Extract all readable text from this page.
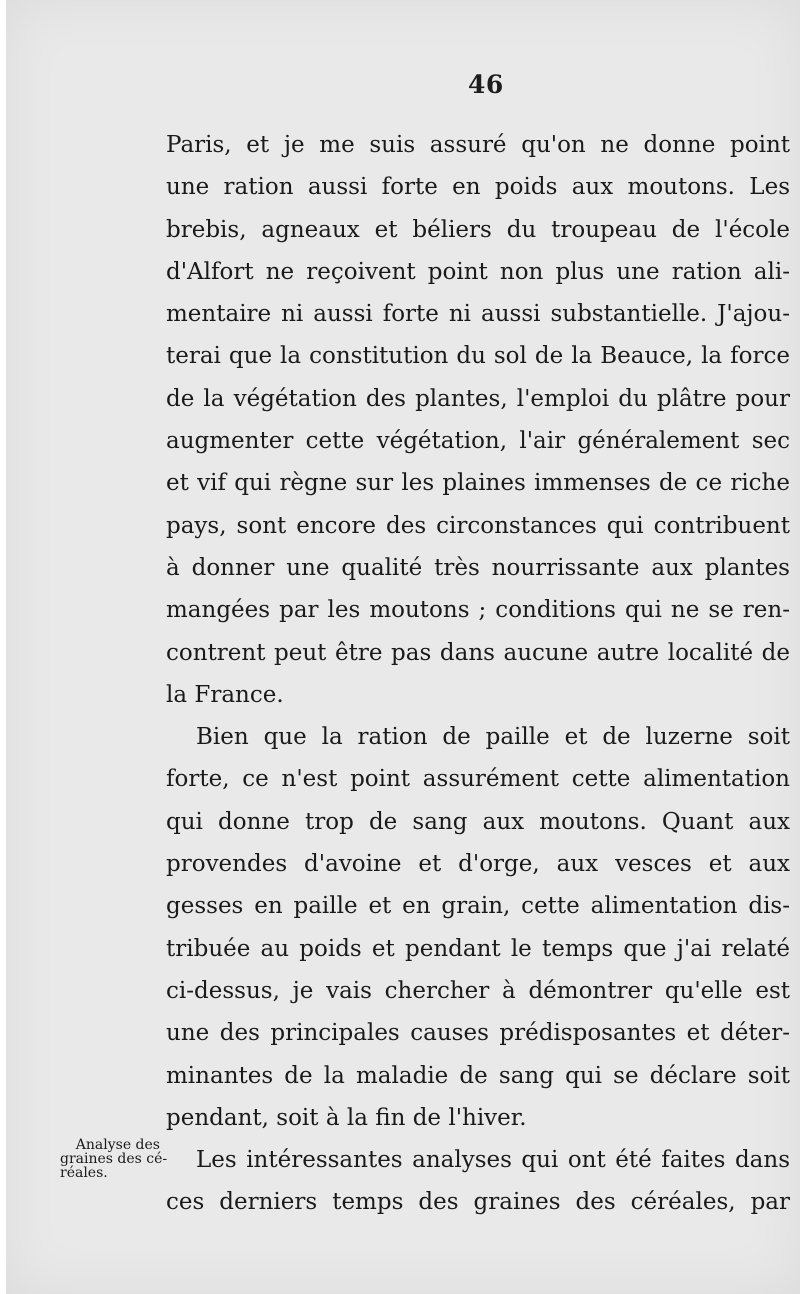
46
Paris, et je me suis assuré qu'on ne donne point
une ration aussi forte en poids aux moutons. Les
brebis, agneaux et béliers du troupeau de l'école
d'Alfort ne reçoivent point non plus une ration ali-
mentaire ni aussi forte ni aussi substantielle. J'ajou-
terai que la constitution du sol de la Beauce, la force
de la végétation des plantes, l'emploi du plâtre pour
augmenter cette végétation, l'air généralement sec
et vif qui règne sur les plaines immenses de ce riche
pays, sont encore des circonstances qui contribuent
à donner une qualité très nourrissante aux plantes
mangées par les moutons ; conditions qui ne se ren-
contrent peut être pas dans aucune autre localité de
la France.
Bien que la ration de paille et de luzerne soit
forte, ce n'est point assurément cette alimentation
qui donne trop de sang aux moutons. Quant aux
provendes d'avoine et d'orge, aux vesces et aux
gesses en paille et en grain, cette alimentation dis-
tribuée au poids et pendant le temps que j'ai relaté
ci-dessus, je vais chercher à démontrer qu'elle est
une des principales causes prédisposantes et déter-
minantes de la maladie de sang qui se déclare soit
pendant, soit à la fin de l'hiver.
Les intéressantes analyses qui ont été faites dans
ces derniers temps des graines des céréales, par
Analyse des
graines des cé-
réales.
